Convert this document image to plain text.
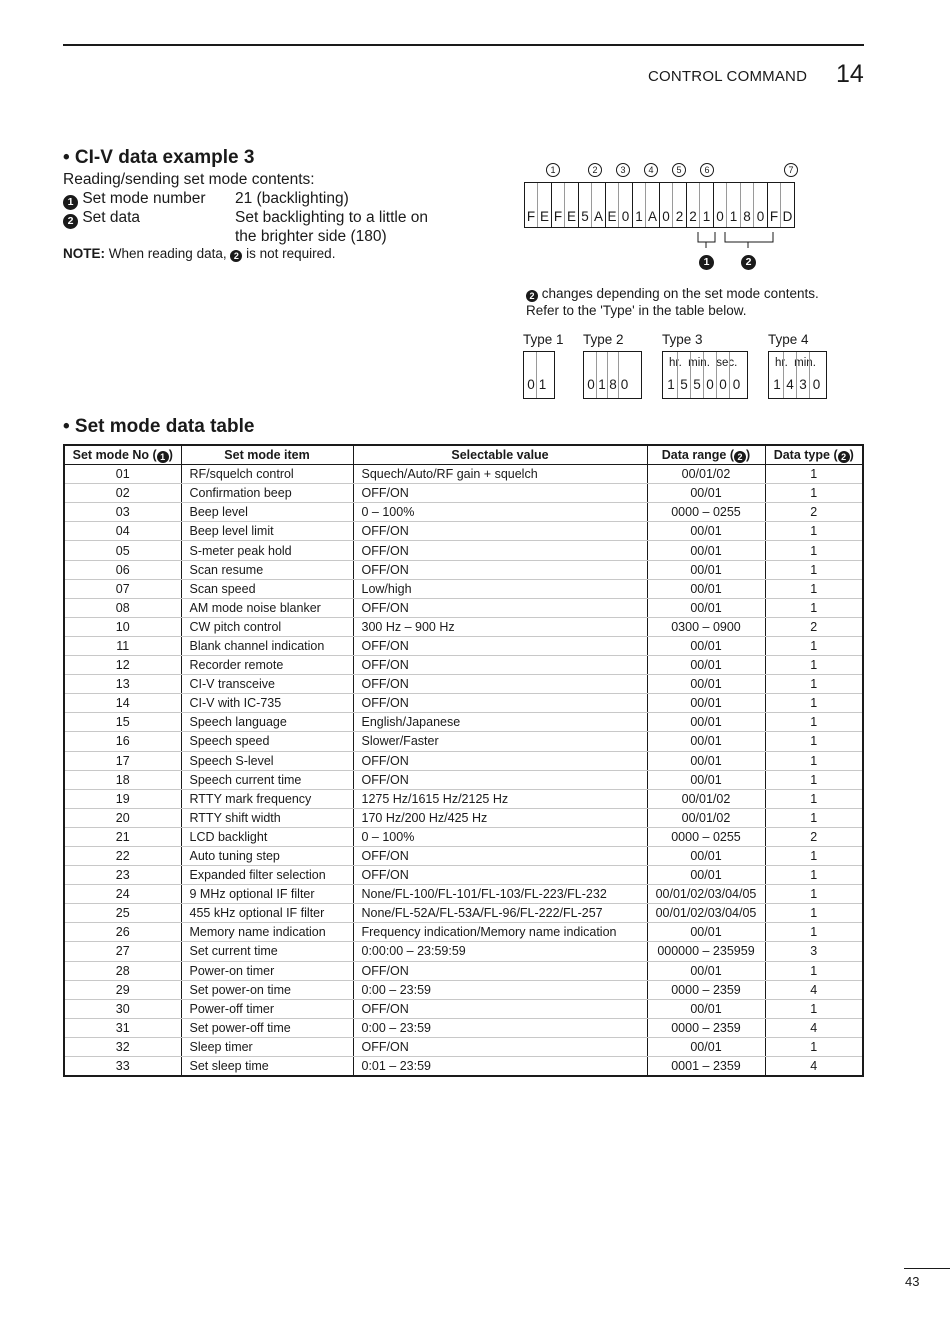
CONTROL COMMAND 14
• CI-V data example 3
Reading/sending set mode contents:
1 Set mode number 21 (backlighting)
2 Set data	Set backlighting to a little on
the brighter side (180)
NOTE: When reading data, 2 is not required.
1	2	3	4	5	6	7
F E F E 5 A E 0 1 A 0 2 2 1 0 1 8 0 F D
1	2
2 changes depending on the set mode contents.
Refer to the 'Type' in the table below.
Type 1
0 1
Type 2
0 1 8 0
Type 3
hr.  min.  sec.
1 5 5 0 0 0
Type 4
hr.  min.
1 4 3 0
• Set mode data table
Set mode No ( 1 )	Set mode item	Selectable value	Data range ( 2 )	Data type ( 2 )
01	RF/squelch control	Squech/Auto/RF gain + squelch	00/01/02	1
02	Confirmation beep	OFF/ON	00/01	1
03	Beep level	0 – 100%	0000 – 0255	2
04	Beep level limit	OFF/ON	00/01	1
05	S-meter peak hold	OFF/ON	00/01	1
06	Scan resume	OFF/ON	00/01	1
07	Scan speed	Low/high	00/01	1
08	AM mode noise blanker	OFF/ON	00/01	1
10	CW pitch control	300 Hz – 900 Hz	0300 – 0900	2
11	Blank channel indication	OFF/ON	00/01	1
12	Recorder remote	OFF/ON	00/01	1
13	CI-V transceive	OFF/ON	00/01	1
14	CI-V with IC-735	OFF/ON	00/01	1
15	Speech language	English/Japanese	00/01	1
16	Speech speed	Slower/Faster	00/01	1
17	Speech S-level	OFF/ON	00/01	1
18	Speech current time	OFF/ON	00/01	1
19	RTTY mark frequency	1275 Hz/1615 Hz/2125 Hz	00/01/02	1
20	RTTY shift width	170 Hz/200 Hz/425 Hz	00/01/02	1
21	LCD backlight	0 – 100%	0000 – 0255	2
22	Auto tuning step	OFF/ON	00/01	1
23	Expanded filter selection	OFF/ON	00/01	1
24	9 MHz optional IF filter	None/FL-100/FL-101/FL-103/FL-223/FL-232	00/01/02/03/04/05	1
25	455 kHz optional IF filter	None/FL-52A/FL-53A/FL-96/FL-222/FL-257	00/01/02/03/04/05	1
26	Memory name indication	Frequency indication/Memory name indication	00/01	1
27	Set current time	0:00:00 – 23:59:59	000000 – 235959	3
28	Power-on timer	OFF/ON	00/01	1
29	Set power-on time	0:00 – 23:59	0000 – 2359	4
30	Power-off timer	OFF/ON	00/01	1
31	Set power-off time	0:00 – 23:59	0000 – 2359	4
32	Sleep timer	OFF/ON	00/01	1
33	Set sleep time	0:01 – 23:59	0001 – 2359	4
43
